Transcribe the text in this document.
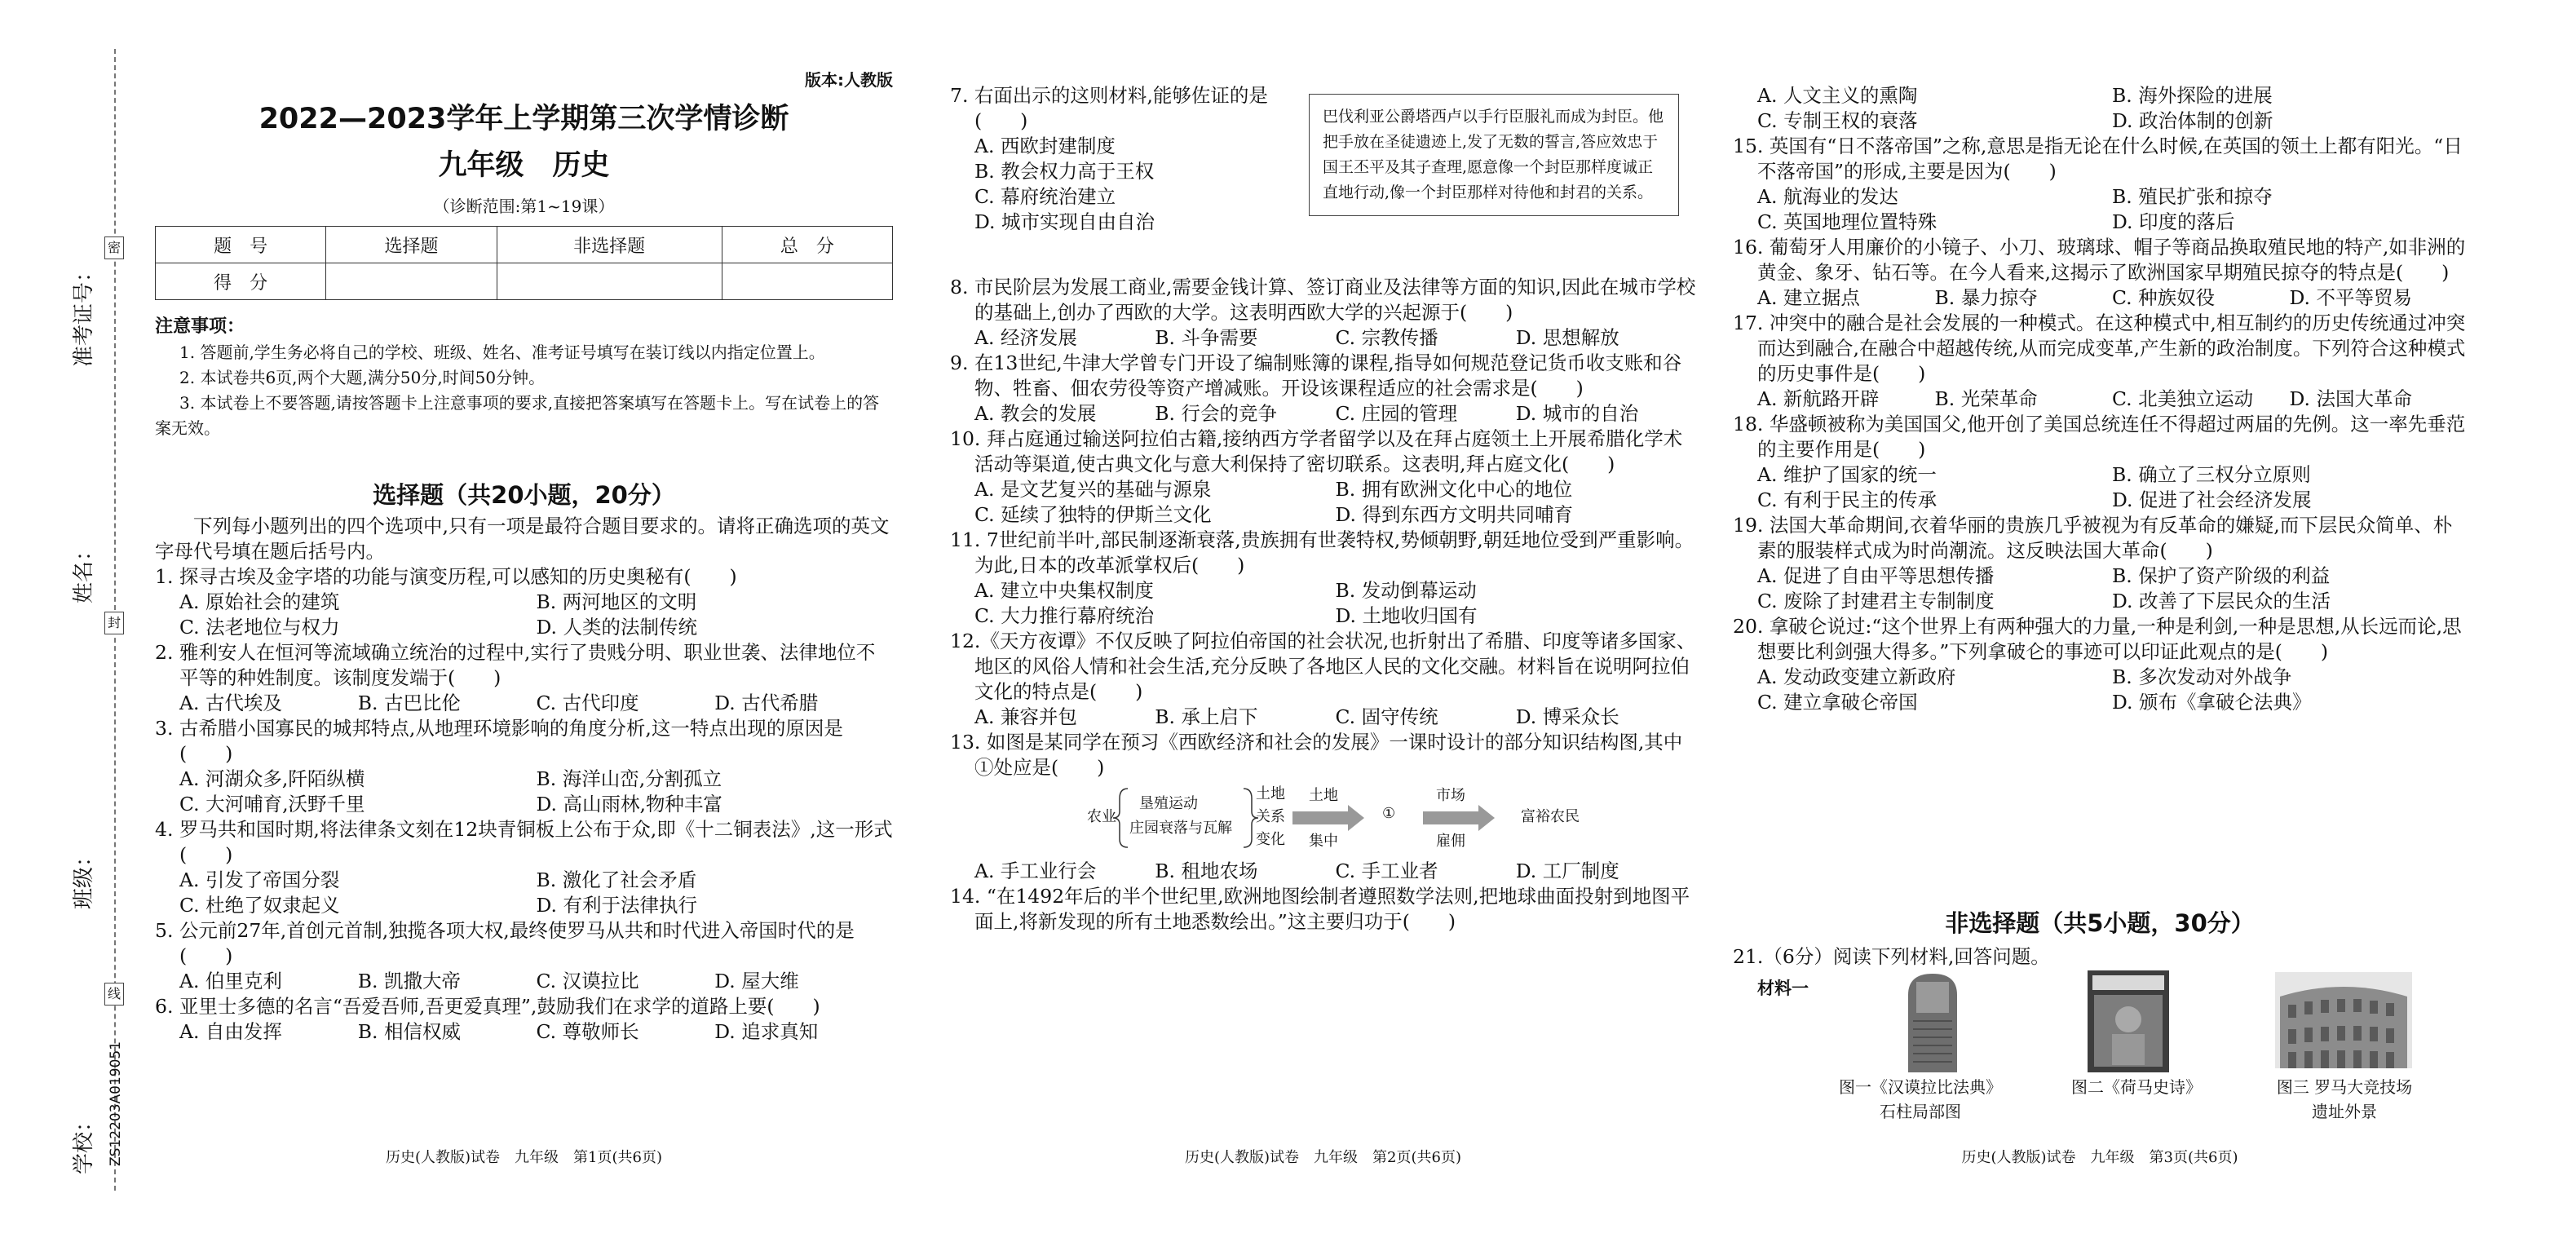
准考证号：
姓名：
班级：
学校： ZS12203A019051
密
封
线
版本:人教版
2022—2023学年上学期第三次学情诊断
九年级　历史
（诊断范围:第1~19课）
题　号	选择题	非选择题	总　分
得　分			
注意事项：
1. 答题前,学生务必将自己的学校、班级、姓名、准考证号填写在装订线以内指定位置上。
2. 本试卷共6页,两个大题,满分50分,时间50分钟。
3. 本试卷上不要答题,请按答题卡上注意事项的要求,直接把答案填写在答题卡上。写在试卷上的答案无效。
选择题（共20小题，20分）
下列每小题列出的四个选项中,只有一项是最符合题目要求的。请将正确选项的英文字母代号填在题后括号内。
1. 探寻古埃及金字塔的功能与演变历程,可以感知的历史奥秘有(　　)
A. 原始社会的建筑	B. 两河地区的文明
C. 法老地位与权力	D. 人类的法制传统
2. 雅利安人在恒河等流域确立统治的过程中,实行了贵贱分明、职业世袭、法律地位不平等的种姓制度。该制度发端于(　　)
A. 古代埃及	B. 古巴比伦	C. 古代印度	D. 古代希腊
3. 古希腊小国寡民的城邦特点,从地理环境影响的角度分析,这一特点出现的原因是(　　)
A. 河湖众多,阡陌纵横	B. 海洋山峦,分割孤立
C. 大河哺育,沃野千里	D. 高山雨林,物种丰富
4. 罗马共和国时期,将法律条文刻在12块青铜板上公布于众,即《十二铜表法》,这一形式(　　)
A. 引发了帝国分裂	B. 激化了社会矛盾
C. 杜绝了奴隶起义	D. 有利于法律执行
5. 公元前27年,首创元首制,独揽各项大权,最终使罗马从共和时代进入帝国时代的是(　　)
A. 伯里克利	B. 凯撒大帝	C. 汉谟拉比	D. 屋大维
6. 亚里士多德的名言“吾爱吾师,吾更爱真理”,鼓励我们在求学的道路上要(　　)
A. 自由发挥	B. 相信权威	C. 尊敬师长	D. 追求真知
历史(人教版)试卷　九年级　第1页(共6页)
7. 右面出示的这则材料,能够佐证的是(　　)
A. 西欧封建制度
B. 教会权力高于王权
C. 幕府统治建立
D. 城市实现自由自治
巴伐利亚公爵塔西卢以手行臣服礼而成为封臣。他把手放在圣徒遗迹上,发了无数的誓言,答应效忠于国王丕平及其子查理,愿意像一个封臣那样度诚正直地行动,像一个封臣那样对待他和封君的关系。
8. 市民阶层为发展工商业,需要金钱计算、签订商业及法律等方面的知识,因此在城市学校的基础上,创办了西欧的大学。这表明西欧大学的兴起源于(　　)
A. 经济发展	B. 斗争需要	C. 宗教传播	D. 思想解放
9. 在13世纪,牛津大学曾专门开设了编制账簿的课程,指导如何规范登记货币收支账和谷物、牲畜、佃农劳役等资产增减账。开设该课程适应的社会需求是(　　)
A. 教会的发展	B. 行会的竞争	C. 庄园的管理	D. 城市的自治
10. 拜占庭通过输送阿拉伯古籍,接纳西方学者留学以及在拜占庭领土上开展希腊化学术活动等渠道,使古典文化与意大利保持了密切联系。这表明,拜占庭文化(　　)
A. 是文艺复兴的基础与源泉	B. 拥有欧洲文化中心的地位
C. 延续了独特的伊斯兰文化	D. 得到东西方文明共同哺育
11. 7世纪前半叶,部民制逐渐衰落,贵族拥有世袭特权,势倾朝野,朝廷地位受到严重影响。为此,日本的改革派掌权后(　　)
A. 建立中央集权制度	B. 发动倒幕运动
C. 大力推行幕府统治	D. 土地收归国有
12.《天方夜谭》不仅反映了阿拉伯帝国的社会状况,也折射出了希腊、印度等诸多国家、地区的风俗人情和社会生活,充分反映了各地区人民的文化交融。材料旨在说明阿拉伯文化的特点是(　　)
A. 兼容并包	B. 承上启下	C. 固守传统	D. 博采众长
13. 如图是某同学在预习《西欧经济和社会的发展》一课时设计的部分知识结构图,其中①处应是(　　)
农业
垦殖运动
庄园衰落与瓦解
土地
关系
变化
土地
集中
①
市场
雇佣
富裕农民
A. 手工业行会	B. 租地农场	C. 手工业者	D. 工厂制度
14. “在1492年后的半个世纪里,欧洲地图绘制者遵照数学法则,把地球曲面投射到地图平面上,将新发现的所有土地悉数绘出。”这主要归功于(　　)
历史(人教版)试卷　九年级　第2页(共6页)
A. 人文主义的熏陶	B. 海外探险的进展
C. 专制王权的衰落	D. 政治体制的创新
15. 英国有“日不落帝国”之称,意思是指无论在什么时候,在英国的领土上都有阳光。“日不落帝国”的形成,主要是因为(　　)
A. 航海业的发达	B. 殖民扩张和掠夺
C. 英国地理位置特殊	D. 印度的落后
16. 葡萄牙人用廉价的小镜子、小刀、玻璃球、帽子等商品换取殖民地的特产,如非洲的黄金、象牙、钻石等。在今人看来,这揭示了欧洲国家早期殖民掠夺的特点是(　　)
A. 建立据点	B. 暴力掠夺	C. 种族奴役	D. 不平等贸易
17. 冲突中的融合是社会发展的一种模式。在这种模式中,相互制约的历史传统通过冲突而达到融合,在融合中超越传统,从而完成变革,产生新的政治制度。下列符合这种模式的历史事件是(　　)
A. 新航路开辟	B. 光荣革命	C. 北美独立运动	D. 法国大革命
18. 华盛顿被称为美国国父,他开创了美国总统连任不得超过两届的先例。这一率先垂范的主要作用是(　　)
A. 维护了国家的统一	B. 确立了三权分立原则
C. 有利于民主的传承	D. 促进了社会经济发展
19. 法国大革命期间,衣着华丽的贵族几乎被视为有反革命的嫌疑,而下层民众简单、朴素的服装样式成为时尚潮流。这反映法国大革命(　　)
A. 促进了自由平等思想传播	B. 保护了资产阶级的利益
C. 废除了封建君主专制制度	D. 改善了下层民众的生活
20. 拿破仑说过:“这个世界上有两种强大的力量,一种是利剑,一种是思想,从长远而论,思想要比利剑强大得多。”下列拿破仑的事迹可以印证此观点的是(　　)
A. 发动政变建立新政府	B. 多次发动对外战争
C. 建立拿破仑帝国	D. 颁布《拿破仑法典》
非选择题（共5小题，30分）
21.（6分）阅读下列材料,回答问题。
材料一
图一《汉谟拉比法典》
石柱局部图
图二《荷马史诗》	图三 罗马大竞技场
遗址外景
历史(人教版)试卷　九年级　第3页(共6页)
